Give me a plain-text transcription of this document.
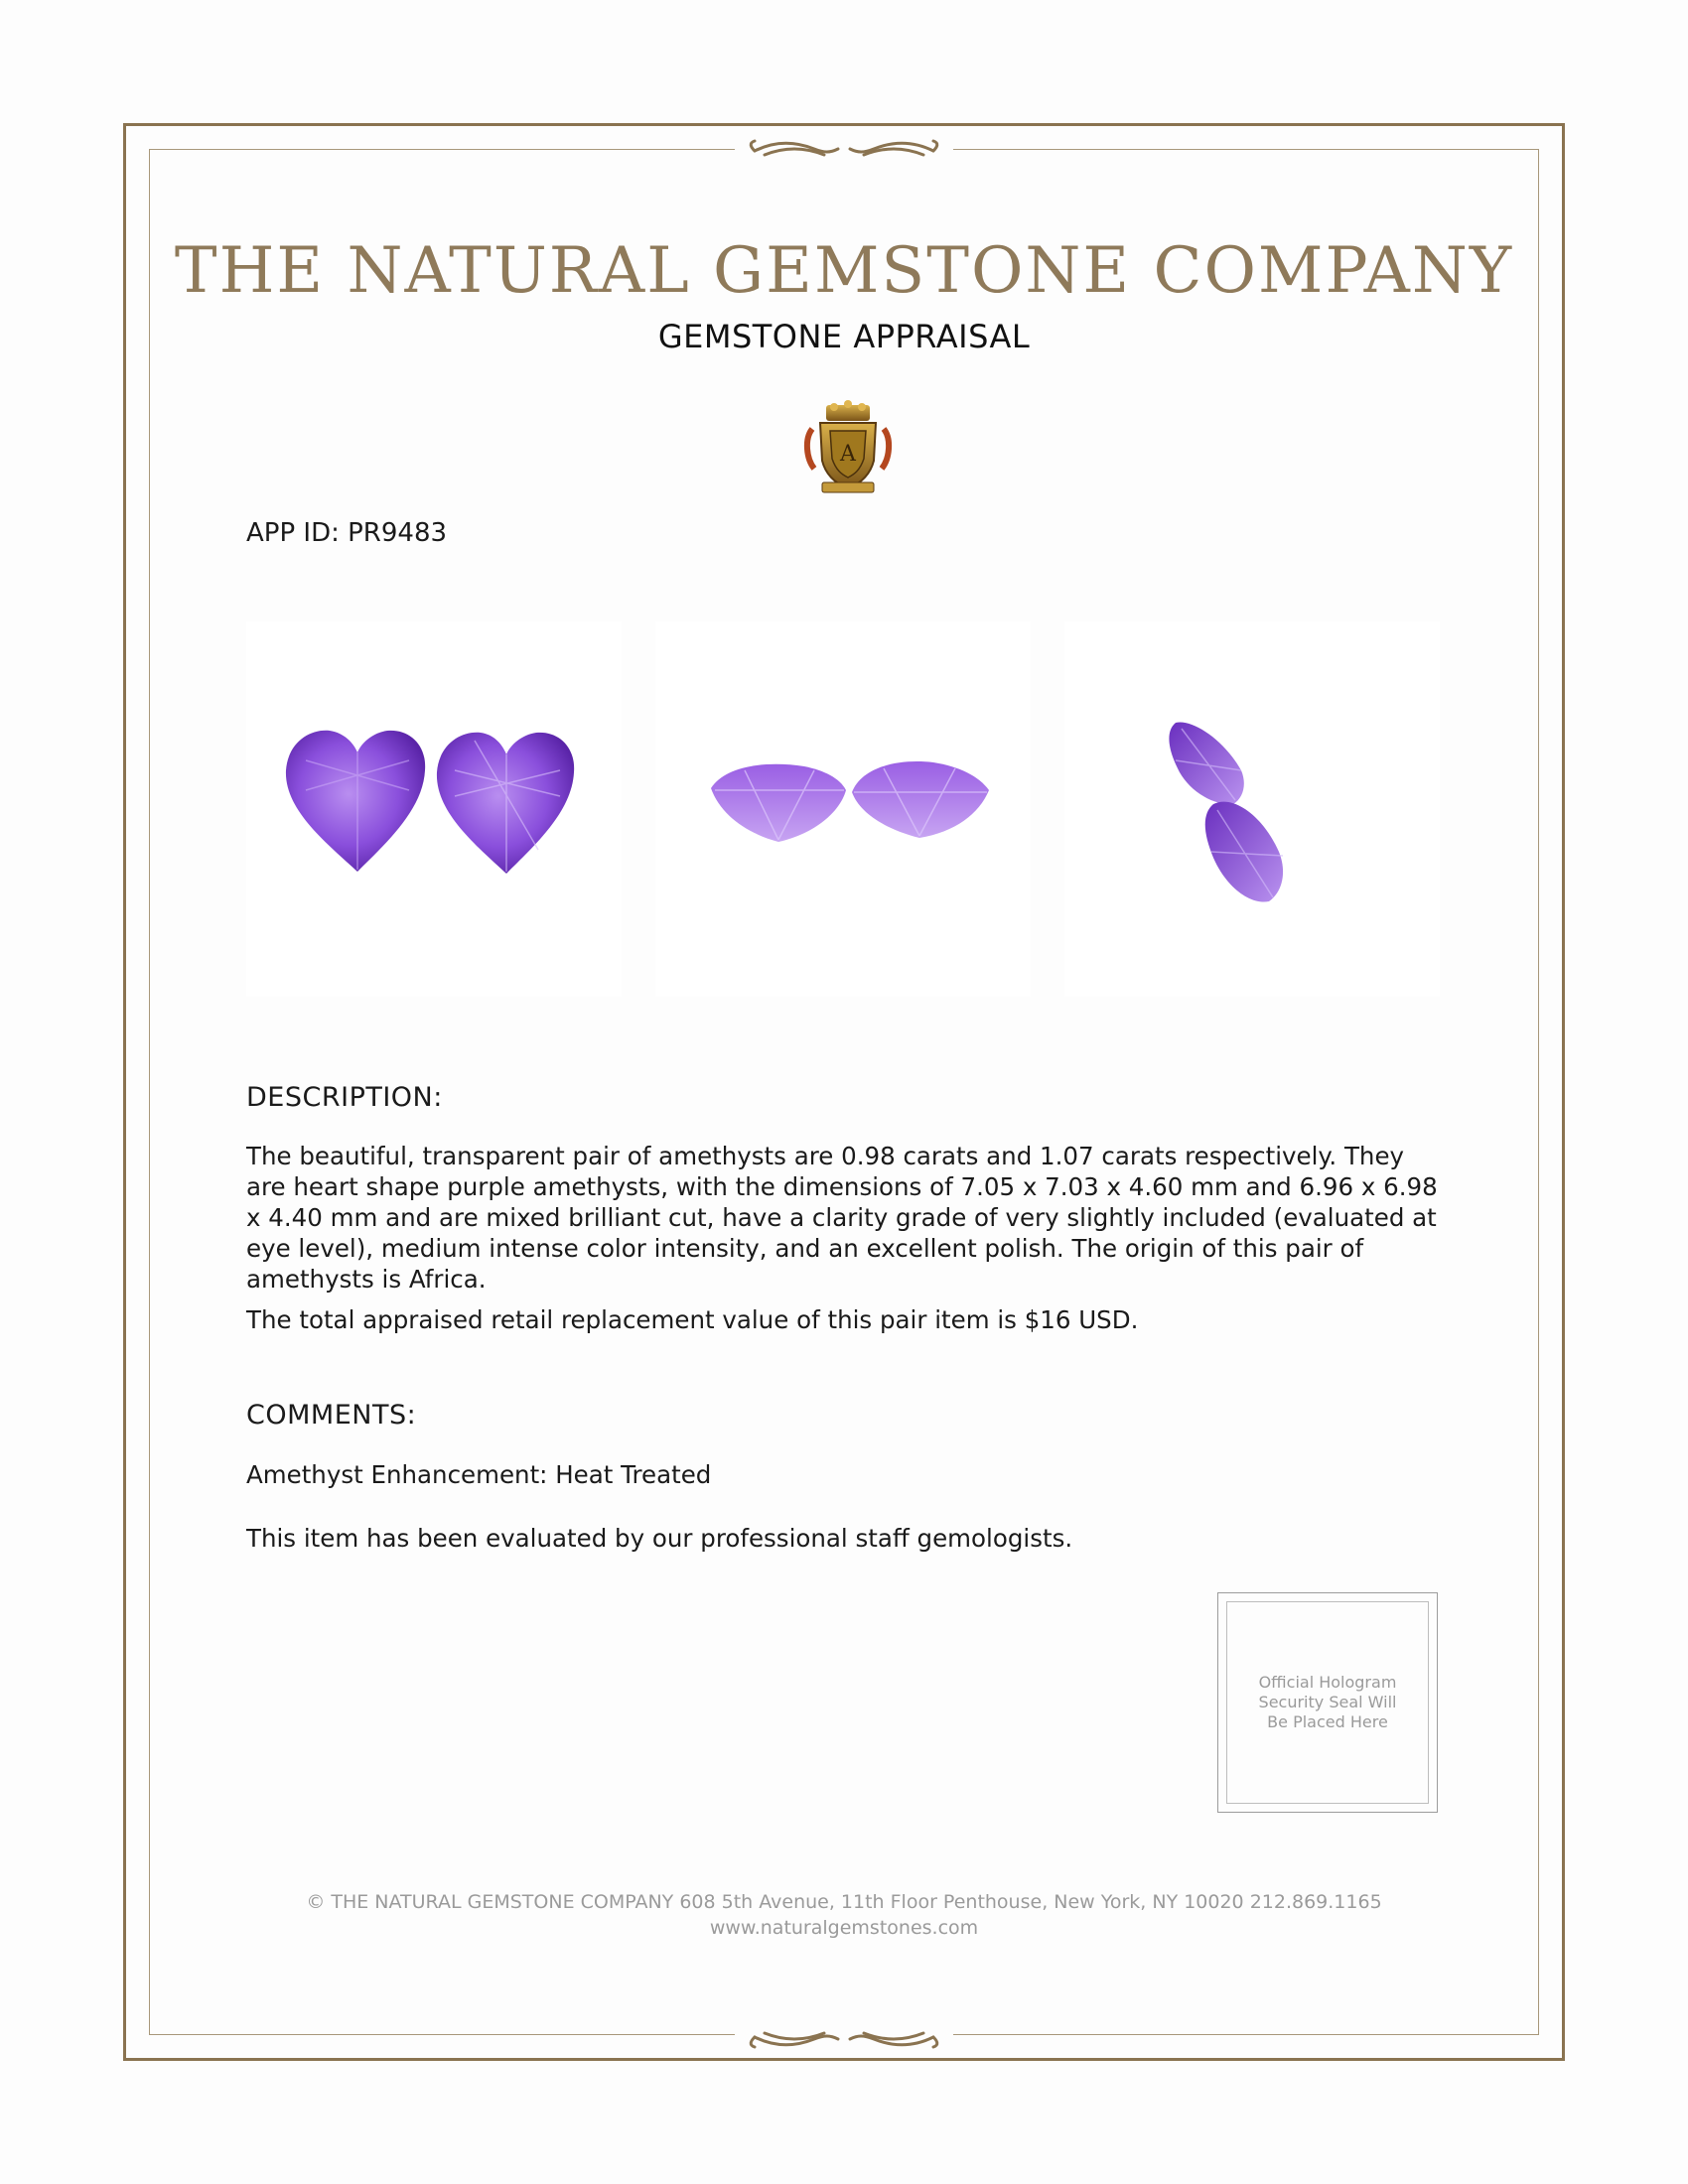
THE NATURAL GEMSTONE COMPANY
GEMSTONE APPRAISAL
A
APP ID: PR9483
DESCRIPTION:
The beautiful, transparent pair of amethysts are 0.98 carats and 1.07 carats respectively. They are heart shape purple amethysts, with the dimensions of 7.05 x 7.03 x 4.60 mm and 6.96 x 6.98 x 4.40 mm and are mixed brilliant cut, have a clarity grade of very slightly included (evaluated at eye level), medium intense color intensity, and an excellent polish. The origin of this pair of amethysts is Africa.
The total appraised retail replacement value of this pair item is $16 USD.
COMMENTS:
Amethyst Enhancement: Heat Treated
This item has been evaluated by our professional staff gemologists.
Official Hologram Security Seal Will Be Placed Here
© THE NATURAL GEMSTONE COMPANY 608 5th Avenue, 11th Floor Penthouse, New York, NY 10020 212.869.1165
www.naturalgemstones.com
